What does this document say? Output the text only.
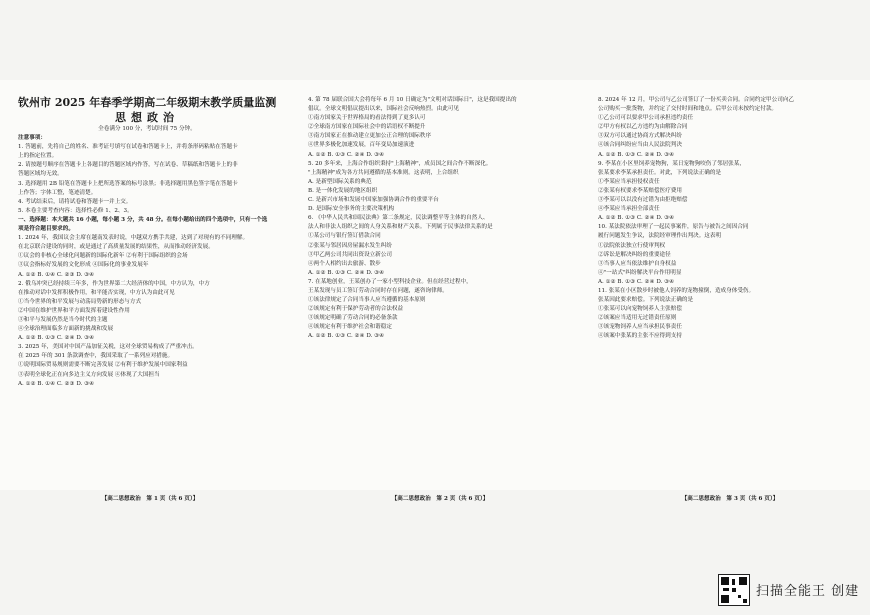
钦州市 2025 年春季学期高二年级期末教学质量监测

思想政治

全卷满分 100 分，考试时间 75 分钟。

注意事项：

1. 答题前，先将自己的姓名、准考证号填写在试卷和答题卡上，并将条形码粘贴在答题卡

上的指定位置。

2. 请按题号顺序在答题卡上各题目的答题区域内作答，写在试卷、草稿纸和答题卡上的非

答题区域均无效。

3. 选择题用 2B 铅笔在答题卡上把所选答案的标号涂黑；非选择题用黑色签字笔在答题卡

上作答；字体工整，笔迹清楚。

4. 考试结束后，请将试卷和答题卡一并上交。

5. 本卷主要考查内容：选择性必修 1、2、3。

一、选择题：本大题共 16 小题，每小题 3 分，共 48 分。在每小题给出的四个选项中，只有一个选

项是符合题目要求的。

1. 2024 年，我国议会主席在越南发表时说，中越双方携手共建，达到了对现有的不同理解。

在北京联合建设的同时，或是通过了高质量发展的结果性，从而推动经济发展。

①议会的非核心全球化问题新的国际化新年 ②有利于国际组织的会场

③议会指标好发展的文化形成 ④国际化的事业发展年

A. ①② B. ①④ C. ②③ D. ③④

2. 俄乌冲突已经持续三年多，作为世界第二大经济体的中国，中方认为，中方

在推动对话中发挥积极作用，和平能否实现，中方认为由此可见

①当今世界的和平发展与动荡局势新的形态与方式

②中国在维护世界和平方面发挥着建设性作用

③和平与发展仍然是当今时代的主题

④全球治理面临多方面新的挑战和发展

A. ①② B. ①③ C. ②④ D. ③④

3. 2025 年，美国对中国产品加征关税，这对全球贸易构成了严重冲击。

在 2025 年的 301 条款调查中，我国采取了一系列应对措施。

①说明国际贸易规则需要不断完善发展 ②有利于维护发展中国家利益

③表明全球化正在向多边主义方向发展 ④体现了大国担当

A. ①② B. ①④ C. ②③ D. ③④

4. 第 78 届联合国大会将每年 6 月 10 日确定为"文明对话国际日"，这是我国提出的

倡议。全球文明倡议提出以来，国际社会反响热烈。由此可见

①南方国家关于世界格局的看法得到了更多认可

②全球南方国家在国际社会中的话语权不断提升

③南方国家正在推动建立更加公正合理的国际秩序

④世界多极化加速发展，百年变局加速演进

A. ①② B. ①③ C. ②④ D. ③④

5. 20 多年来，上海合作组织秉持"上海精神"，成员国之间合作不断深化。

"上海精神"成为各方共同遵循的基本准则。这表明，上合组织

A. 是新型国际关系的典范

B. 是一体化发展的地区组织

C. 是新兴市场和发展中国家加强协调合作的重要平台

D. 是国际安全事务的主要决策机构

6. 《中华人民共和国民法典》第二条规定，民法调整平等主体的自然人、

法人和非法人组织之间的人身关系和财产关系。下列属于民事法律关系的是

①某公司与银行签订借款合同

②张某与邻居因房屋漏水发生纠纷

③甲乙两公司共同出资设立新公司

④两个人相约出去旅游、散步

A. ①② B. ①③ C. ②④ D. ③④

7. 在某地创业，王某创办了一家小型科技企业。但在经营过程中，

王某发现与员工签订劳动合同时存在问题，遂咨询律师。

①该法律规定了合同当事人应当遵循的基本原则

②该规定有利于保护劳动者的合法权益

③该规定明确了劳动合同的必备条款

④该规定有利于维护社会和谐稳定

A. ①② B. ①③ C. ②④ D. ③④

8. 2024 年 12 月，甲公司与乙公司签订了一份买卖合同。合同约定甲公司向乙

公司购买一批货物，并约定了交付时间和地点。后甲公司未按约定付款。

①乙公司可以要求甲公司承担违约责任

②甲方有权以乙方违约为由解除合同

③双方可以通过协商方式解决纠纷

④该合同纠纷应当由人民法院判决

A. ①② B. ①③ C. ②④ D. ③④

9. 李某在小区里饲养宠物狗，某日宠物狗咬伤了邻居张某，

张某要求李某承担责任。对此，下列说法正确的是

①李某应当承担侵权责任

②张某有权要求李某赔偿医疗费用

③李某可以以没有过错为由拒绝赔偿

④李某应当承担全部责任

A. ①② B. ①③ C. ②④ D. ③④

10. 某法院依法审理了一起民事案件，原告与被告之间因合同

履行问题发生争议，法院经审理作出判决。这表明

①法院依法独立行使审判权

②诉讼是解决纠纷的重要途径

③当事人应当依法维护自身权益

④"一站式"纠纷解决平台作用明显

A. ①② B. ①③ C. ②④ D. ③④

11. 张某在小区散步时被他人饲养的宠物撞倒，造成身体受伤。

张某因此要求赔偿。下列说法正确的是

①张某可以向宠物饲养人主张赔偿

②该案应当适用无过错责任原则

③该宠物饲养人应当承担民事责任

④该案中张某的主张不应得到支持

【高二思想政治　第 1 页（共 6 页）】	【高二思想政治　第 2 页（共 6 页）】	【高二思想政治　第 3 页（共 6 页）】
扫描全能王 创建
